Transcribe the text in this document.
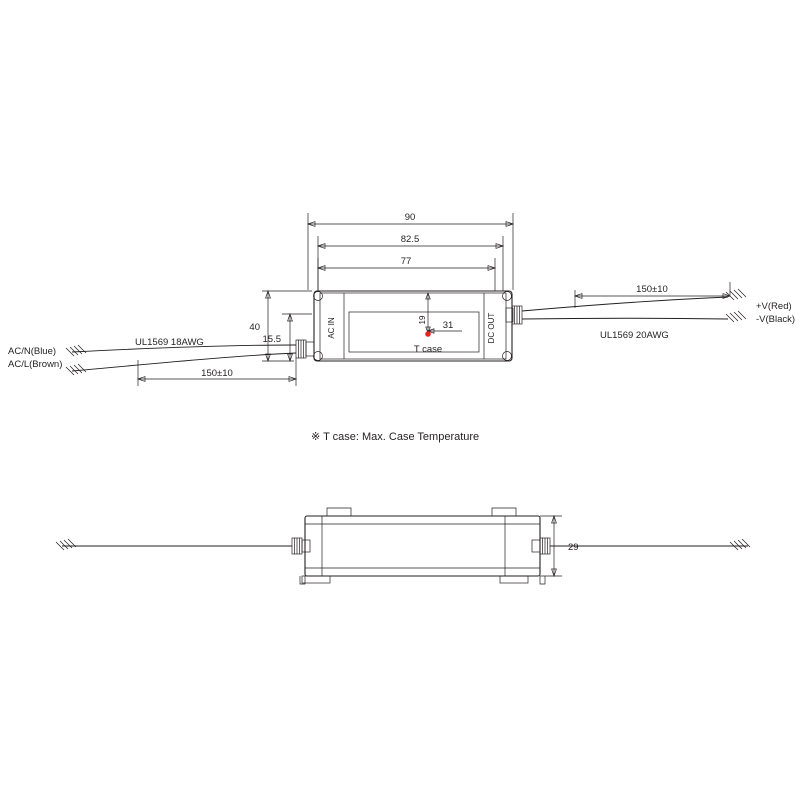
90
82.5
77
40
15.5
19 31
T case
AC IN	DC OUT
UL1569 18AWG
UL1569 20AWG
150±10
150±10
AC/N(Blue)
AC/L(Brown)
+V(Red)
-V(Black)
※ T case: Max. Case Temperature
29
